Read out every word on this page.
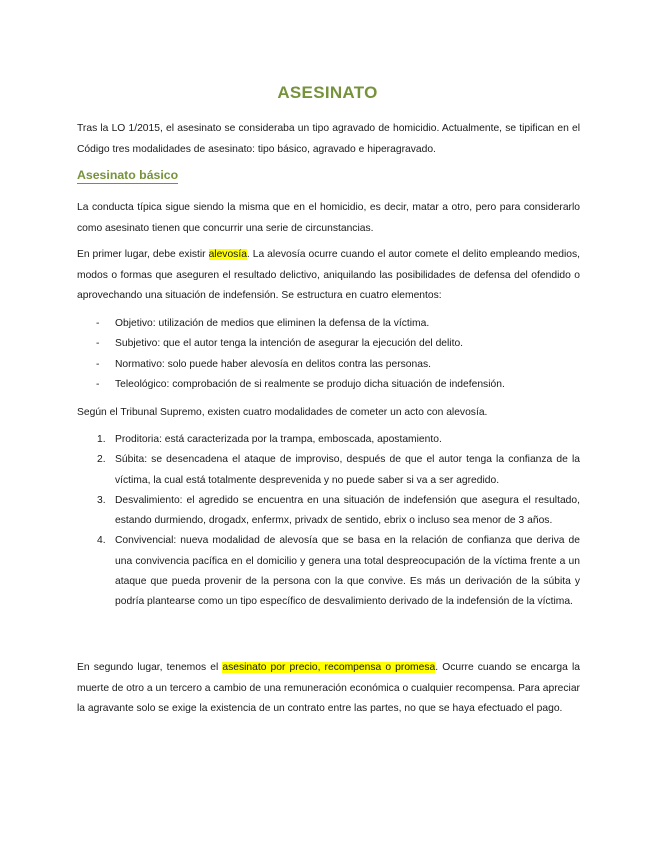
ASESINATO

Tras la LO 1/2015, el asesinato se consideraba un tipo agravado de homicidio. Actualmente, se tipifican en el Código tres modalidades de asesinato: tipo básico, agravado e hiperagravado.

Asesinato básico

La conducta típica sigue siendo la misma que en el homicidio, es decir, matar a otro, pero para considerarlo como asesinato tienen que concurrir una serie de circunstancias.

En primer lugar, debe existir alevosía. La alevosía ocurre cuando el autor comete el delito empleando medios, modos o formas que aseguren el resultado delictivo, aniquilando las posibilidades de defensa del ofendido o aprovechando una situación de indefensión. Se estructura en cuatro elementos:

- Objetivo: utilización de medios que eliminen la defensa de la víctima.
- Subjetivo: que el autor tenga la intención de asegurar la ejecución del delito.
- Normativo: solo puede haber alevosía en delitos contra las personas.
- Teleológico: comprobación de si realmente se produjo dicha situación de indefensión.

Según el Tribunal Supremo, existen cuatro modalidades de cometer un acto con alevosía.

1. Proditoria: está caracterizada por la trampa, emboscada, apostamiento.
2. Súbita: se desencadena el ataque de improviso, después de que el autor tenga la confianza de la víctima, la cual está totalmente desprevenida y no puede saber si va a ser agredido.
3. Desvalimiento: el agredido se encuentra en una situación de indefensión que asegura el resultado, estando durmiendo, drogadx, enfermx, privadx de sentido, ebrix o incluso sea menor de 3 años.
4. Convivencial: nueva modalidad de alevosía que se basa en la relación de confianza que deriva de una convivencia pacífica en el domicilio y genera una total despreocupación de la víctima frente a un ataque que pueda provenir de la persona con la que convive. Es más un derivación de la súbita y podría plantearse como un tipo específico de desvalimiento derivado de la indefensión de la víctima.

En segundo lugar, tenemos el asesinato por precio, recompensa o promesa. Ocurre cuando se encarga la muerte de otro a un tercero a cambio de una remuneración económica o cualquier recompensa. Para apreciar la agravante solo se exige la existencia de un contrato entre las partes, no que se haya efectuado el pago.
